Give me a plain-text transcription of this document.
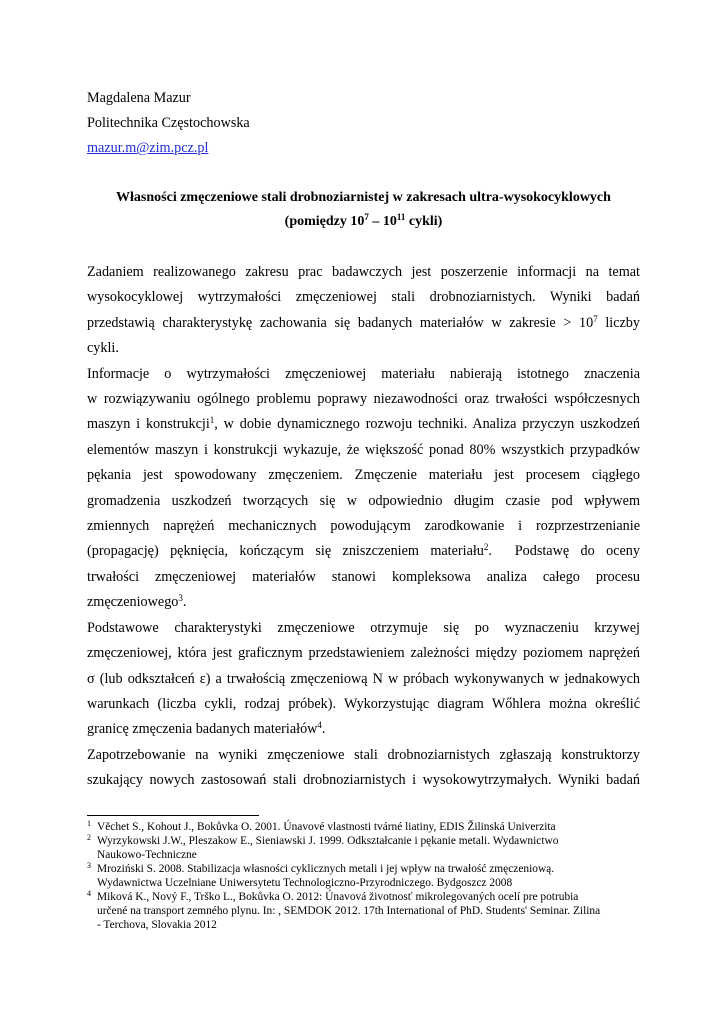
Magdalena Mazur
Politechnika Częstochowska
mazur.m@zim.pcz.pl
Własności zmęczeniowe stali drobnoziarnistej w zakresach ultra-wysokocyklowych
(pomiędzy $10^7 - 10^{11}$ cykli)

Zadaniem realizowanego zakresu prac badawczych jest poszerzenie informacji na temat
wysokocyklowej wytrzymałości zmęczeniowej stali drobnoziarnistych. Wyniki badań
przedstawią charakterystykę zachowania się badanych materiałów w zakresie > $10^7$ liczby
cykli.

Informacje o wytrzymałości zmęczeniowej materiału nabierają istotnego znaczenia
w rozwiązywaniu ogólnego problemu poprawy niezawodności oraz trwałości współczesnych
maszyn i konstrukcji$^1$, w dobie dynamicznego rozwoju techniki. Analiza przyczyn uszkodzeń
elementów maszyn i konstrukcji wykazuje, że większość ponad 80% wszystkich przypadków
pękania jest spowodowany zmęczeniem. Zmęczenie materiału jest procesem ciągłego
gromadzenia uszkodzeń tworzących się w odpowiednio długim czasie pod wpływem
zmiennych naprężeń mechanicznych powodującym zarodkowanie i rozprzestrzenianie
(propagację) pęknięcia, kończącym się zniszczeniem materiału$^2$.  Podstawę do oceny
trwałości zmęczeniowej materiałów stanowi kompleksowa analiza całego procesu
zmęczeniowego$^3$.

Podstawowe charakterystyki zmęczeniowe otrzymuje się po wyznaczeniu krzywej
zmęczeniowej, która jest graficznym przedstawieniem zależności między poziomem naprężeń
σ (lub odkształceń ε) a trwałością zmęczeniową N w próbach wykonywanych w jednakowych
warunkach (liczba cykli, rodzaj próbek). Wykorzystując diagram Wőhlera można określić
granicę zmęczenia badanych materiałów$^4$.

Zapotrzebowanie na wyniki zmęczeniowe stali drobnoziarnistych zgłaszają konstruktorzy
szukający nowych zastosowań stali drobnoziarnistych i wysokowytrzymałych. Wyniki badań

1 Věchet S., Kohout J., Bokůvka O. 2001. Únavové vlastnosti tvárné liatiny, EDIS Žilinská Univerzita
2 Wyrzykowski J.W., Pleszakow E., Sieniawski J. 1999. Odkształcanie i pękanie metali. Wydawnictwo
Naukowo-Techniczne
3 Mroziński S. 2008. Stabilizacja własności cyklicznych metali i jej wpływ na trwałość zmęczeniową.
Wydawnictwa Uczelniane Uniwersytetu Technologiczno-Przyrodniczego. Bydgoszcz 2008
4 Miková K., Nový F., Trško L., Bokůvka O. 2012: Únavová životnosť mikrolegovaných ocelí pre potrubia
určené na transport zemného plynu. In: , SEMDOK 2012. 17th International of PhD. Students' Seminar. Zilina
- Terchova, Slovakia 2012
